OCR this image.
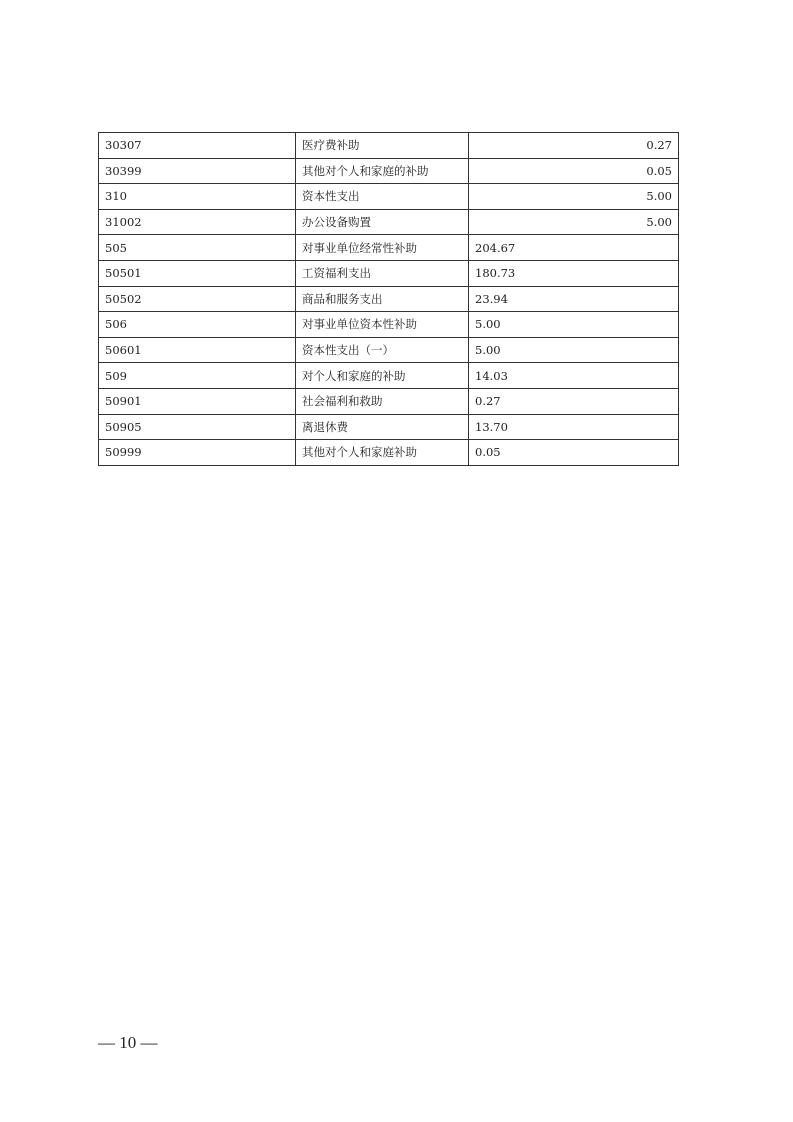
30307	医疗费补助	0.27
30399	其他对个人和家庭的补助	0.05
310	资本性支出	5.00
31002	办公设备购置	5.00
505	对事业单位经常性补助	204.67
50501	工资福利支出	180.73
50502	商品和服务支出	23.94
506	对事业单位资本性补助	5.00
50601	资本性支出（一）	5.00
509	对个人和家庭的补助	14.03
50901	社会福利和救助	0.27
50905	离退休费	13.70
50999	其他对个人和家庭补助	0.05
— 10 —
